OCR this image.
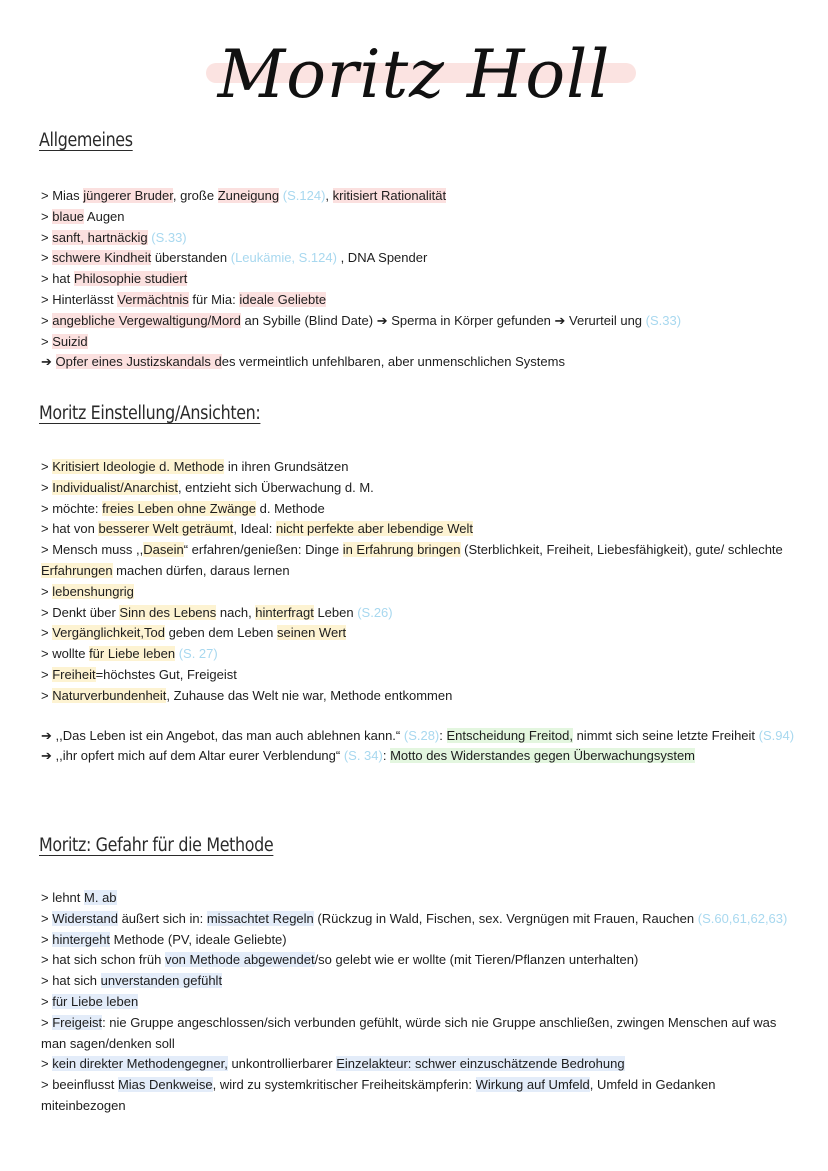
Moritz Holl
Allgemeines
> Mias jüngerer Bruder, große Zuneigung (S.124), kritisiert Rationalität
> blaue Augen
> sanft, hartnäckig (S.33)
> schwere Kindheit überstanden (Leukämie, S.124) , DNA Spender
> hat Philosophie studiert
> Hinterlässt Vermächtnis für Mia: ideale Geliebte
> angebliche Vergewaltigung/Mord an Sybille (Blind Date) ➔ Sperma in Körper gefunden ➔ Verurteil ung (S.33)
> Suizid
➔ Opfer eines Justizskandals des vermeintlich unfehlbaren, aber unmenschlichen Systems
Moritz Einstellung/Ansichten:
> Kritisiert Ideologie d. Methode in ihren Grundsätzen
> Individualist/Anarchist, entzieht sich Überwachung d. M.
> möchte: freies Leben ohne Zwänge d. Methode
> hat von besserer Welt geträumt, Ideal: nicht perfekte aber lebendige Welt
> Mensch muss ,,Dasein“ erfahren/genießen: Dinge in Erfahrung bringen (Sterblichkeit, Freiheit, Liebesfähigkeit), gute/ schlechte Erfahrungen machen dürfen, daraus lernen
> lebenshungrig
> Denkt über Sinn des Lebens nach, hinterfragt Leben (S.26)
> Vergänglichkeit,Tod geben dem Leben seinen Wert
> wollte für Liebe leben (S. 27)
> Freiheit=höchstes Gut, Freigeist
> Naturverbundenheit, Zuhause das Welt nie war, Methode entkommen
➔ ,,Das Leben ist ein Angebot, das man auch ablehnen kann.“ (S.28): Entscheidung Freitod, nimmt sich seine letzte Freiheit (S.94)
➔ ,,ihr opfert mich auf dem Altar eurer Verblendung“ (S. 34): Motto des Widerstandes gegen Überwachungsystem
Moritz: Gefahr für die Methode
> lehnt M. ab
> Widerstand äußert sich in: missachtet Regeln (Rückzug in Wald, Fischen, sex. Vergnügen mit Frauen, Rauchen (S.60,61,62,63)
> hintergeht Methode (PV, ideale Geliebte)
> hat sich schon früh von Methode abgewendet/so gelebt wie er wollte (mit Tieren/Pflanzen unterhalten)
> hat sich unverstanden gefühlt
> für Liebe leben
> Freigeist: nie Gruppe angeschlossen/sich verbunden gefühlt, würde sich nie Gruppe anschließen, zwingen Menschen auf was man sagen/denken soll
> kein direkter Methodengegner, unkontrollierbarer Einzelakteur: schwer einzuschätzende Bedrohung
> beeinflusst Mias Denkweise, wird zu systemkritischer Freiheitskämpferin: Wirkung auf Umfeld, Umfeld in Gedanken miteinbezogen
